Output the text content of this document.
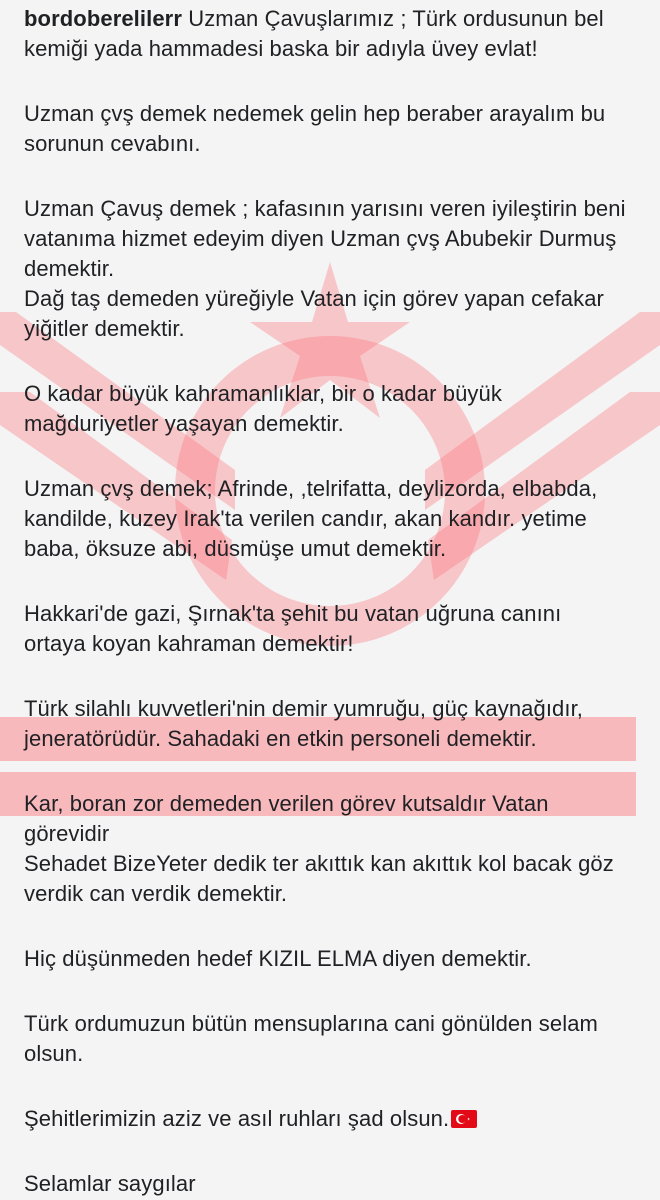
bordoberelilerr Uzman Çavuşlarımız ; Türk ordusunun bel
kemiği yada hammadesi baska bir adıyla üvey evlat!
Uzman çvş demek nedemek gelin hep beraber arayalım bu
sorunun cevabını.
Uzman Çavuş demek ; kafasının yarısını veren iyileştirin beni
vatanıma hizmet edeyim diyen Uzman çvş Abubekir Durmuş
demektir.
Dağ taş demeden yüreğiyle Vatan için görev yapan cefakar
yiğitler demektir.
O kadar büyük kahramanlıklar, bir o kadar büyük
mağduriyetler yaşayan demektir.
Uzman çvş demek; Afrinde, ,telrifatta, deylizorda, elbabda,
kandilde, kuzey Irak'ta verilen candır, akan kandır. yetime
baba, öksuze abi, düsmüşe umut demektir.
Hakkari'de gazi, Şırnak'ta şehit bu vatan uğruna canını
ortaya koyan kahraman demektir!
Türk silahlı kuvvetleri'nin demir yumruğu, güç kaynağıdır,
jeneratörüdür. Sahadaki en etkin personeli demektir.
Kar, boran zor demeden verilen görev kutsaldır Vatan
görevidir
Sehadet BizeYeter dedik ter akıttık kan akıttık kol bacak göz
verdik can verdik demektir.
Hiç düşünmeden hedef KIZIL ELMA diyen demektir.
Türk ordumuzun bütün mensuplarına cani gönülden selam
olsun.
Şehitlerimizin aziz ve asıl ruhları şad olsun.
Selamlar saygılar
